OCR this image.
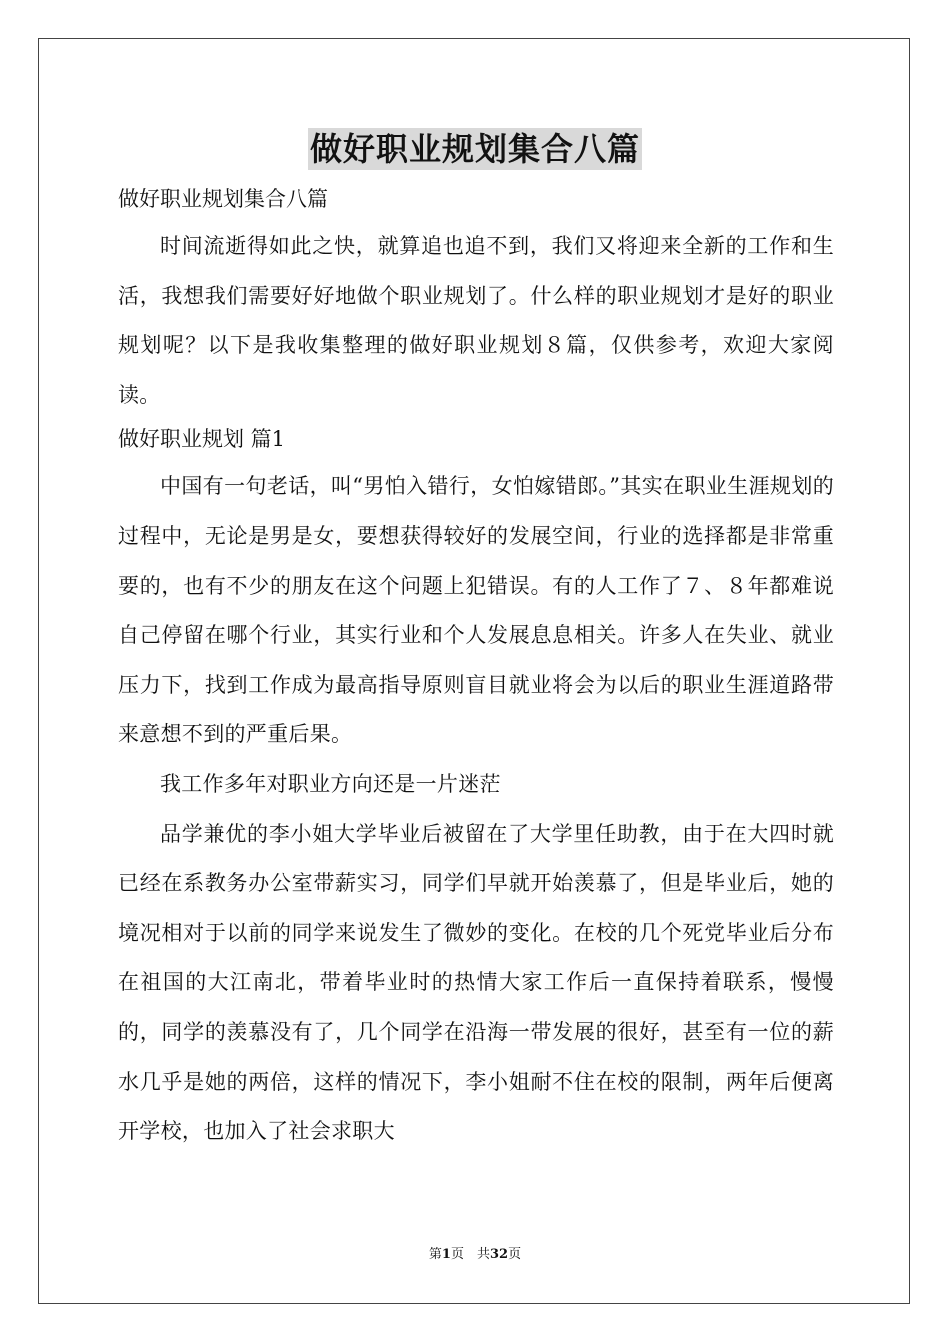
做好职业规划集合八篇

做好职业规划集合八篇

时间流逝得如此之快，就算追也追不到，我们又将迎来全新的工作和生活，我想我们需要好好地做个职业规划了。什么样的职业规划才是好的职业规划呢？以下是我收集整理的做好职业规划８篇，仅供参考，欢迎大家阅读。

做好职业规划 篇1

中国有一句老话，叫“男怕入错行，女怕嫁错郎。”其实在职业生涯规划的过程中，无论是男是女，要想获得较好的发展空间，行业的选择都是非常重要的，也有不少的朋友在这个问题上犯错误。有的人工作了７、８年都难说自己停留在哪个行业，其实行业和个人发展息息相关。许多人在失业、就业压力下，找到工作成为最高指导原则盲目就业将会为以后的职业生涯道路带来意想不到的严重后果。

我工作多年对职业方向还是一片迷茫

品学兼优的李小姐大学毕业后被留在了大学里任助教，由于在大四时就已经在系教务办公室带薪实习，同学们早就开始羡慕了，但是毕业后，她的境况相对于以前的同学来说发生了微妙的变化。在校的几个死党毕业后分布在祖国的大江南北，带着毕业时的热情大家工作后一直保持着联系，慢慢的，同学的羡慕没有了，几个同学在沿海一带发展的很好，甚至有一位的薪水几乎是她的两倍，这样的情况下，李小姐耐不住在校的限制，两年后便离开学校，也加入了社会求职大

第1页　共32页
